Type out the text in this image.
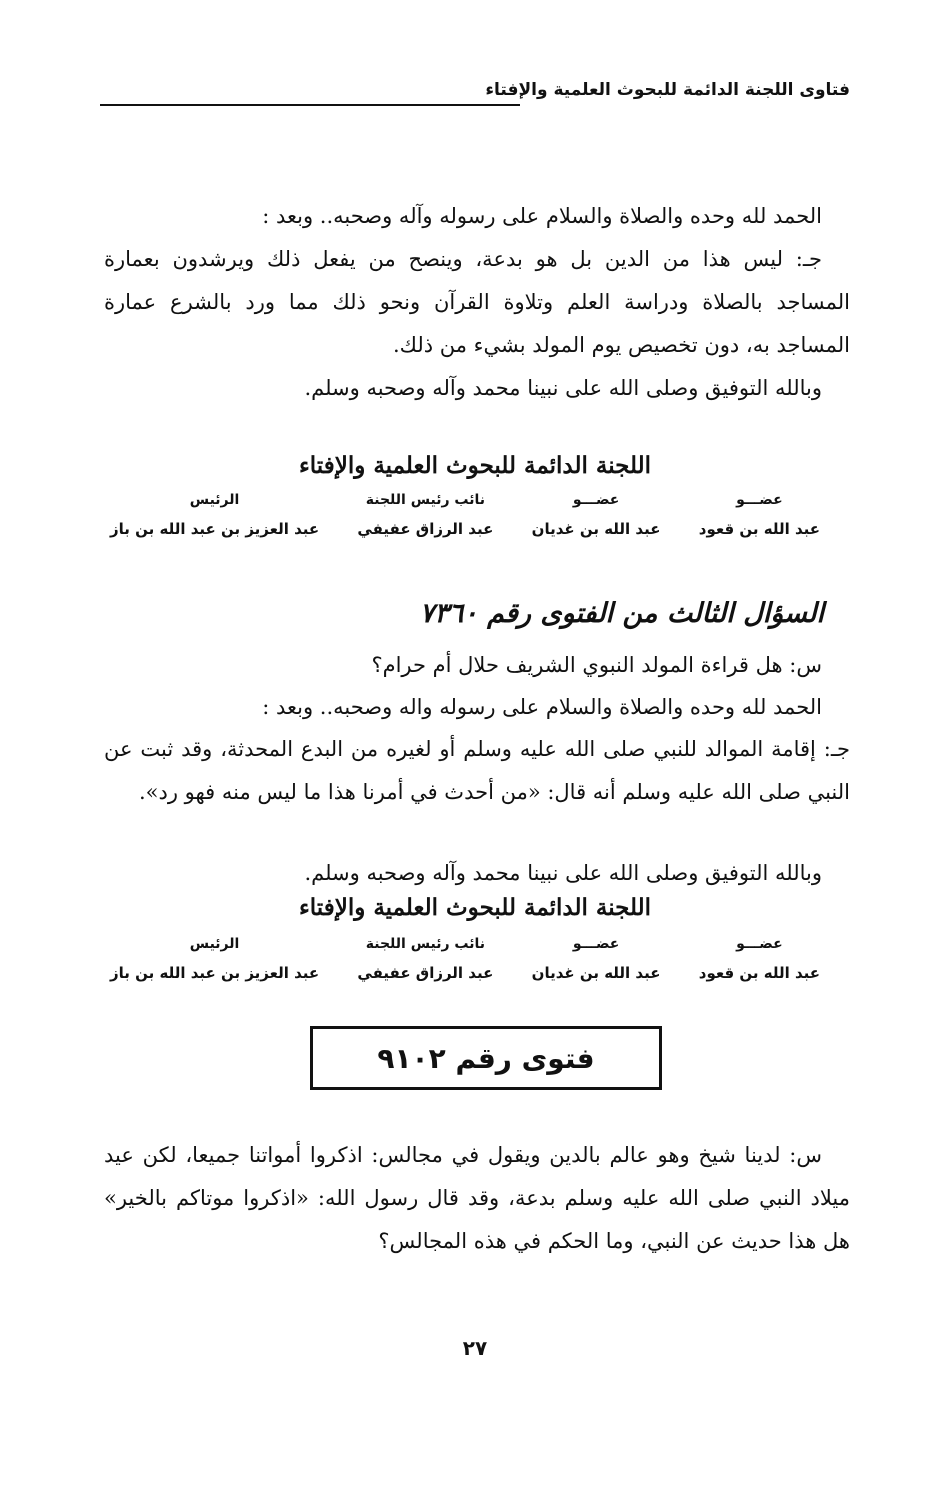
فتاوى اللجنة الدائمة للبحوث العلمية والإفتاء
الحمد لله وحده والصلاة والسلام على رسوله وآله وصحبه.. وبعد :
جـ: ليس هذا من الدين بل هو بدعة، وينصح من يفعل ذلك ويرشدون بعمارة المساجد بالصلاة ودراسة العلم وتلاوة القرآن ونحو ذلك مما ورد بالشرع عمارة المساجد به، دون تخصيص يوم المولد بشيء من ذلك.
وبالله التوفيق وصلى الله على نبينا محمد وآله وصحبه وسلم.
اللجنة الدائمة للبحوث العلمية والإفتاء
عضـــو
عبد الله بن قعود
عضـــو
عبد الله بن غديان
نائب رئيس اللجنة
عبد الرزاق عفيفي
الرئيس
عبد العزيز بن عبد الله بن باز
السؤال الثالث من الفتوى رقم ٧٣٦٠
س: هل قراءة المولد النبوي الشريف حلال أم حرام؟
الحمد لله وحده والصلاة والسلام على رسوله واله وصحبه.. وبعد :
جـ: إقامة الموالد للنبي صلى الله عليه وسلم أو لغيره من البدع المحدثة، وقد ثبت عن النبي صلى الله عليه وسلم أنه قال: «من أحدث في أمرنا هذا ما ليس منه فهو رد».
وبالله التوفيق وصلى الله على نبينا محمد وآله وصحبه وسلم.
اللجنة الدائمة للبحوث العلمية والإفتاء
عضـــو
عبد الله بن قعود
عضـــو
عبد الله بن غديان
نائب رئيس اللجنة
عبد الرزاق عفيفي
الرئيس
عبد العزيز بن عبد الله بن باز
فتوى رقم ٩١٠٢
س: لدينا شيخ وهو عالم بالدين ويقول في مجالس: اذكروا أمواتنا جميعا، لكن عيد ميلاد النبي صلى الله عليه وسلم بدعة، وقد قال رسول الله: «اذكروا موتاكم بالخير» هل هذا حديث عن النبي، وما الحكم في هذه المجالس؟
٢٧
